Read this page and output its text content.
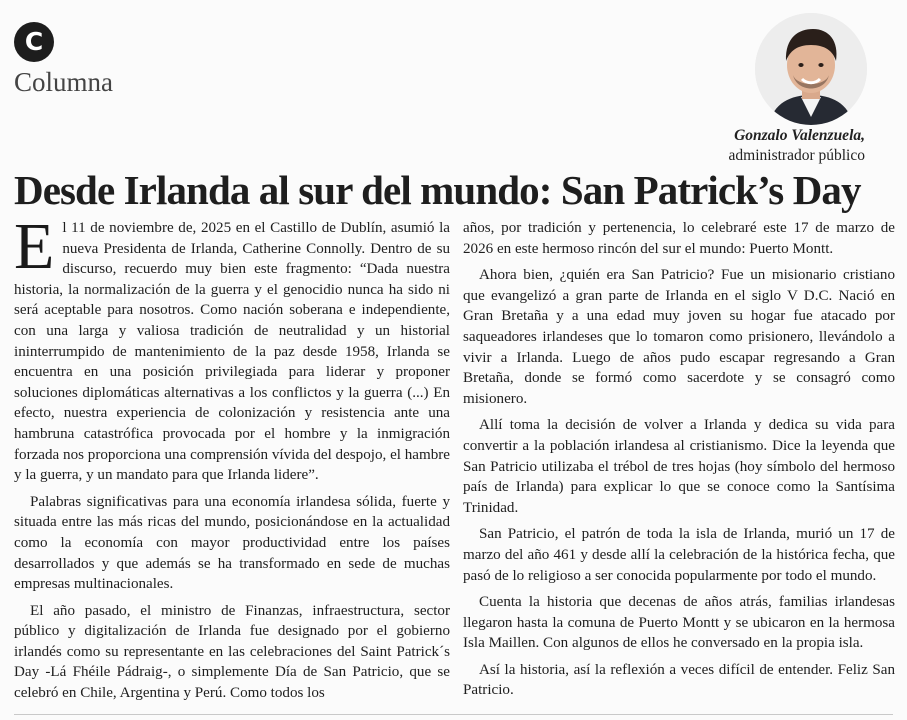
C
Columna
Gonzalo Valenzuela,
administrador público
Desde Irlanda al sur del mundo: San Patrick’s Day

El 11 de noviembre de, 2025 en el Castillo de Dublín, asumió la nueva Presidenta de Irlanda, Catherine Connolly. Dentro de su discurso, recuerdo muy bien este fragmento: “Dada nuestra historia, la normalización de la guerra y el genocidio nunca ha sido ni será aceptable para nosotros. Como nación soberana e independiente, con una larga y valiosa tradición de neutralidad y un historial ininterrumpido de mantenimiento de la paz desde 1958, Irlanda se encuentra en una posición privilegiada para liderar y proponer soluciones diplomáticas alternativas a los conflictos y la guerra (...) En efecto, nuestra experiencia de colonización y resistencia ante una hambruna catastrófica provocada por el hombre y la inmigración forzada nos proporciona una comprensión vívida del despojo, el hambre y la guerra, y un mandato para que Irlanda lidere”.

Palabras significativas para una economía irlandesa sólida, fuerte y situada entre las más ricas del mundo, posicionándose en la actualidad como la economía con mayor productividad entre los países desarrollados y que además se ha transformado en sede de muchas empresas multinacionales.

El año pasado, el ministro de Finanzas, infraestructura, sector público y digitalización de Irlanda fue designado por el gobierno irlandés como su representante en las celebraciones del Saint Patrick´s Day -Lá Fhéile Pádraig-, o simplemente Día de San Patricio, que se celebró en Chile, Argentina y Perú. Como todos los

años, por tradición y pertenencia, lo celebraré este 17 de marzo de 2026 en este hermoso rincón del sur el mundo: Puerto Montt.

Ahora bien, ¿quién era San Patricio? Fue un misionario cristiano que evangelizó a gran parte de Irlanda en el siglo V D.C. Nació en Gran Bretaña y a una edad muy joven su hogar fue atacado por saqueadores irlandeses que lo tomaron como prisionero, llevándolo a vivir a Irlanda. Luego de años pudo escapar regresando a Gran Bretaña, donde se formó como sacerdote y se consagró como misionero.

Allí toma la decisión de volver a Irlanda y dedica su vida para convertir a la población irlandesa al cristianismo. Dice la leyenda que San Patricio utilizaba el trébol de tres hojas (hoy símbolo del hermoso país de Irlanda) para explicar lo que se conoce como la Santísima Trinidad.

San Patricio, el patrón de toda la isla de Irlanda, murió un 17 de marzo del año 461 y desde allí la celebración de la histórica fecha, que pasó de lo religioso a ser conocida popularmente por todo el mundo.

Cuenta la historia que decenas de años atrás, familias irlandesas llegaron hasta la comuna de Puerto Montt y se ubicaron en la hermosa Isla Maillen. Con algunos de ellos he conversado en la propia isla.

Así la historia, así la reflexión a veces difícil de entender. Feliz San Patricio.
